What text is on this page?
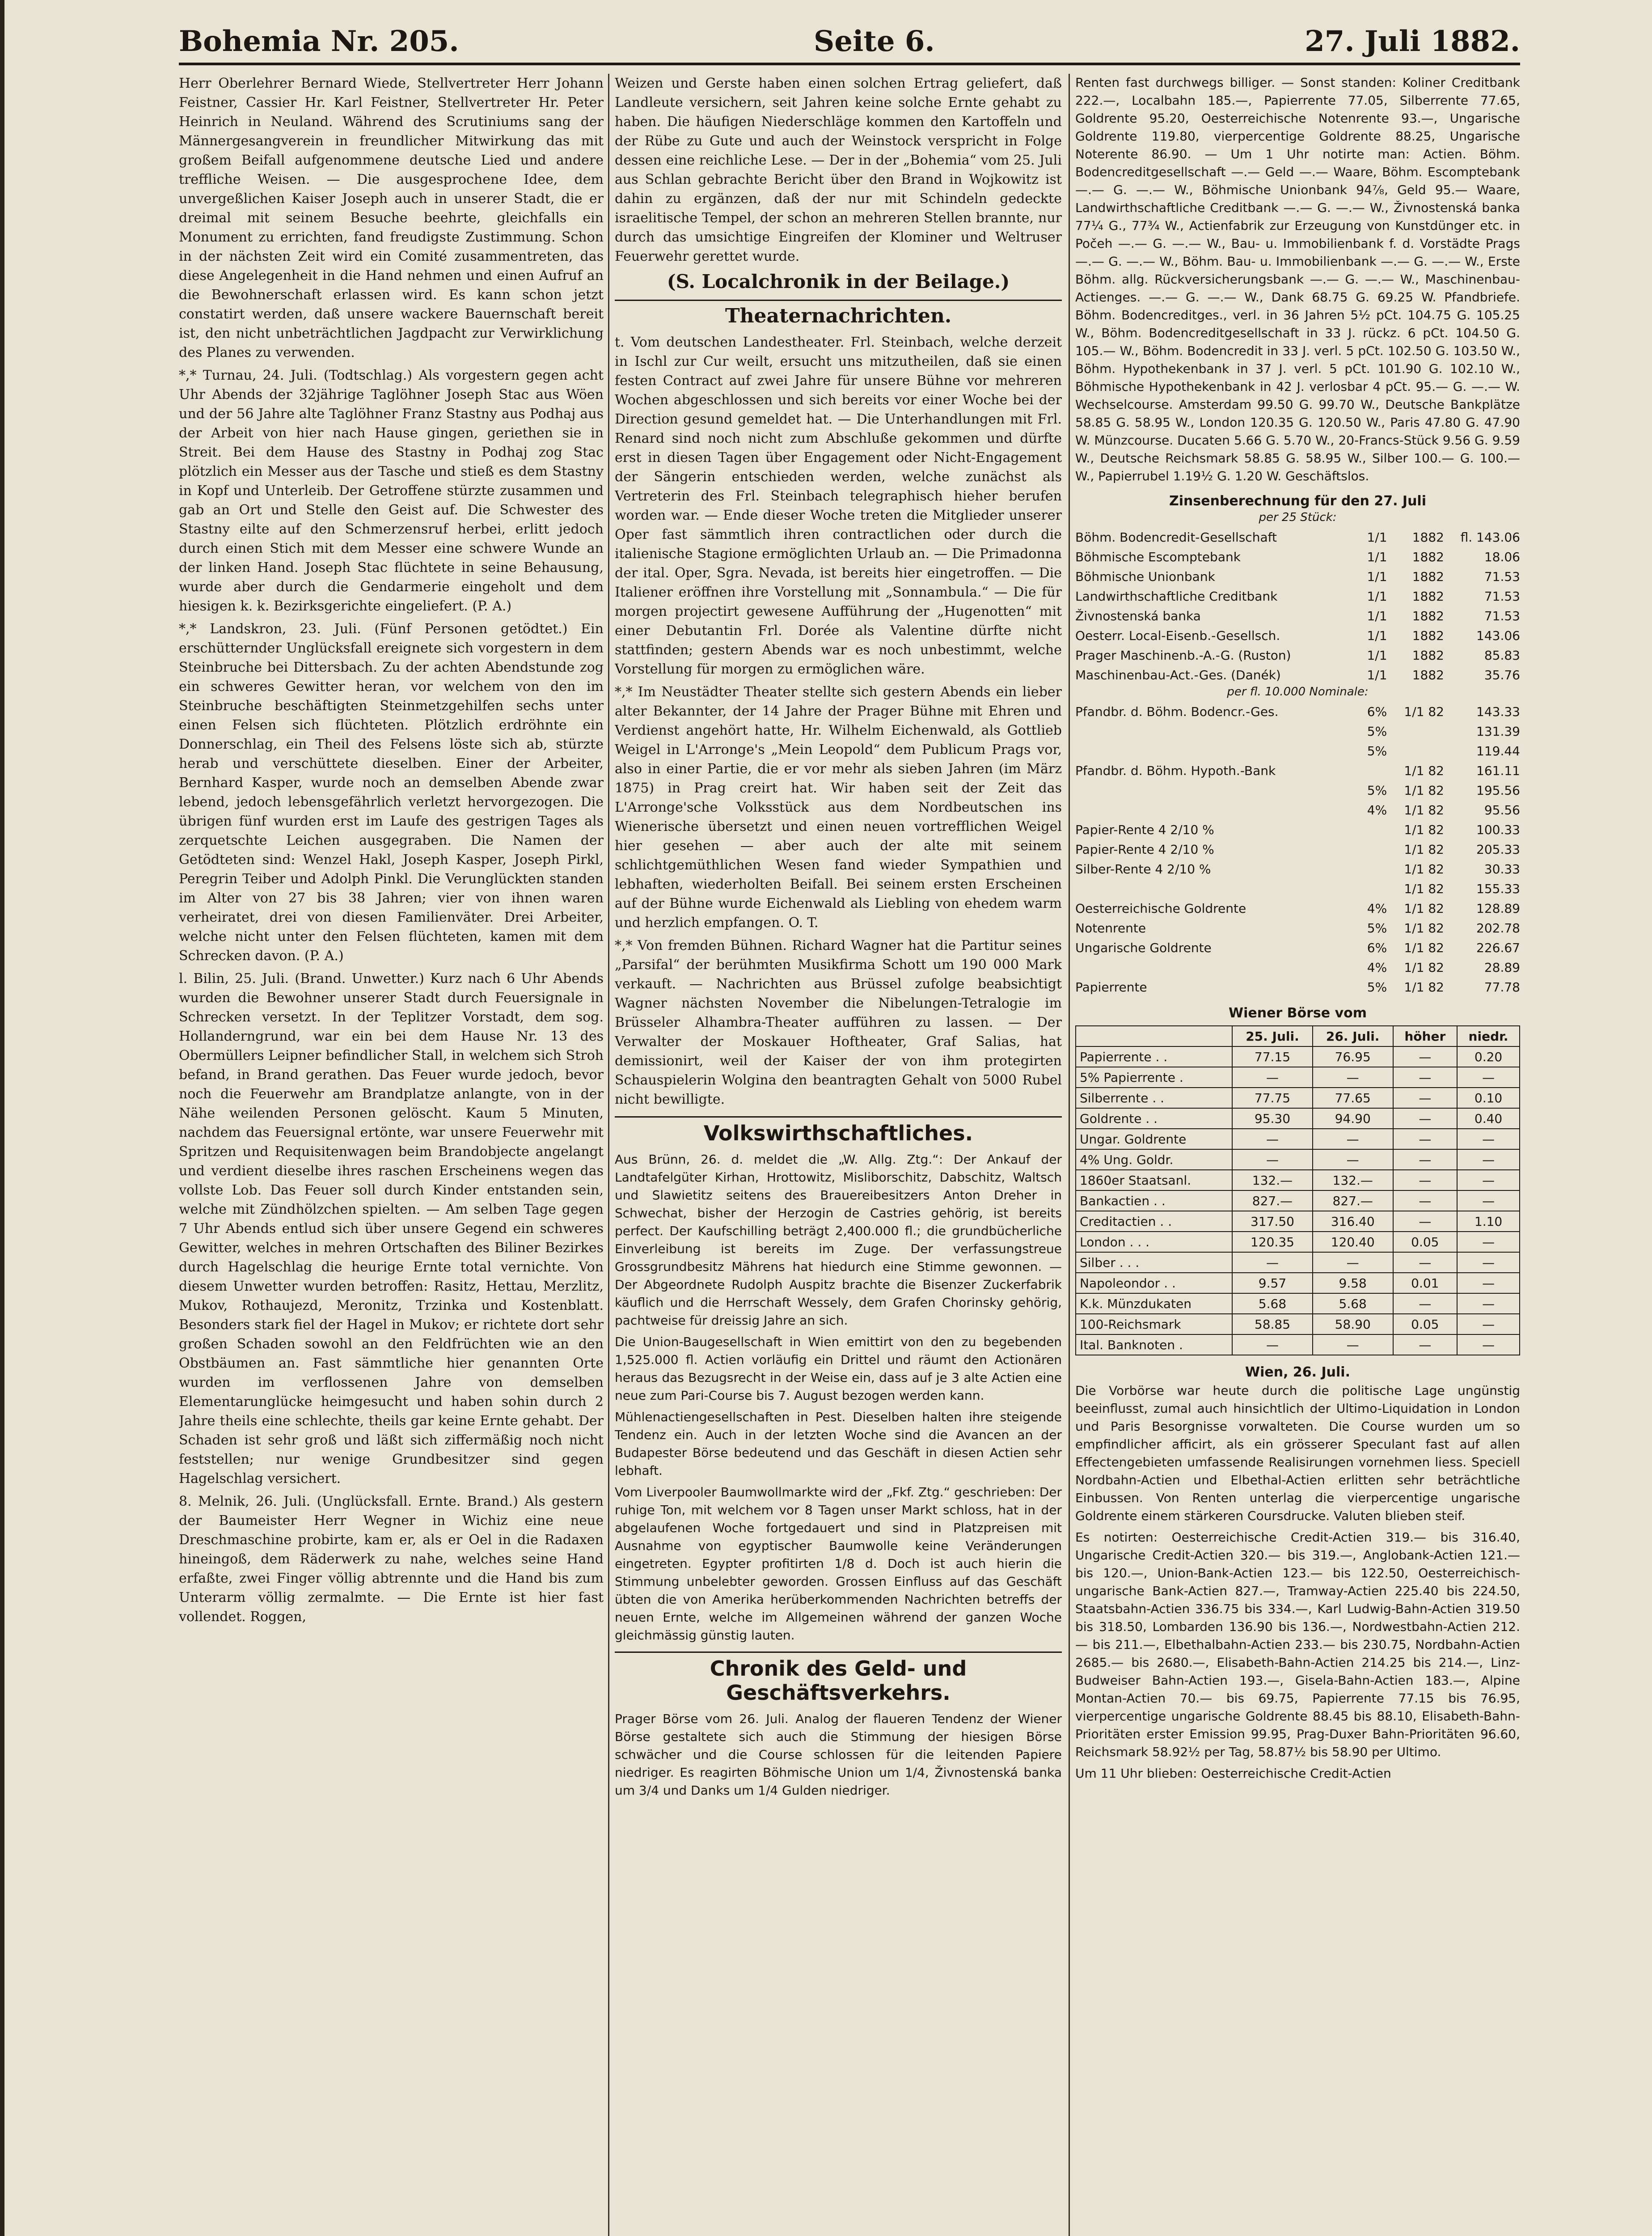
Bohemia Nr. 205.	Seite 6.	27. Juli 1882.

Herr Oberlehrer Bernard Wiede, Stellvertreter Herr Johann Feistner, Cassier Hr. Karl Feistner, Stellvertreter Hr. Peter Heinrich in Neuland. Während des Scrutiniums sang der Männergesangverein in freundlicher Mitwirkung das mit großem Beifall aufgenommene deutsche Lied und andere treffliche Weisen. — Die ausgesprochene Idee, dem unvergeßlichen Kaiser Joseph auch in unserer Stadt, die er dreimal mit seinem Besuche beehrte, gleichfalls ein Monument zu errichten, fand freudigste Zustimmung. Schon in der nächsten Zeit wird ein Comité zusammentreten, das diese Angelegenheit in die Hand nehmen und einen Aufruf an die Bewohnerschaft erlassen wird. Es kann schon jetzt constatirt werden, daß unsere wackere Bauernschaft bereit ist, den nicht unbeträchtlichen Jagdpacht zur Verwirklichung des Planes zu verwenden.

*,* Turnau, 24. Juli. (Todtschlag.) Als vorgestern gegen acht Uhr Abends der 32jährige Taglöhner Joseph Stac aus Wöen und der 56 Jahre alte Taglöhner Franz Stastny aus Podhaj aus der Arbeit von hier nach Hause gingen, geriethen sie in Streit. Bei dem Hause des Stastny in Podhaj zog Stac plötzlich ein Messer aus der Tasche und stieß es dem Stastny in Kopf und Unterleib. Der Getroffene stürzte zusammen und gab an Ort und Stelle den Geist auf. Die Schwester des Stastny eilte auf den Schmerzensruf herbei, erlitt jedoch durch einen Stich mit dem Messer eine schwere Wunde an der linken Hand. Joseph Stac flüchtete in seine Behausung, wurde aber durch die Gendarmerie eingeholt und dem hiesigen k. k. Bezirksgerichte eingeliefert. (P. A.)

*,* Landskron, 23. Juli. (Fünf Personen getödtet.) Ein erschütternder Unglücksfall ereignete sich vorgestern in dem Steinbruche bei Dittersbach. Zu der achten Abendstunde zog ein schweres Gewitter heran, vor welchem von den im Steinbruche beschäftigten Steinmetzgehilfen sechs unter einen Felsen sich flüchteten. Plötzlich erdröhnte ein Donnerschlag, ein Theil des Felsens löste sich ab, stürzte herab und verschüttete dieselben. Einer der Arbeiter, Bernhard Kasper, wurde noch an demselben Abende zwar lebend, jedoch lebensgefährlich verletzt hervorgezogen. Die übrigen fünf wurden erst im Laufe des gestrigen Tages als zerquetschte Leichen ausgegraben. Die Namen der Getödteten sind: Wenzel Hakl, Joseph Kasper, Joseph Pirkl, Peregrin Teiber und Adolph Pinkl. Die Verunglückten standen im Alter von 27 bis 38 Jahren; vier von ihnen waren verheiratet, drei von diesen Familienväter. Drei Arbeiter, welche nicht unter den Felsen flüchteten, kamen mit dem Schrecken davon. (P. A.)

l. Bilin, 25. Juli. (Brand. Unwetter.) Kurz nach 6 Uhr Abends wurden die Bewohner unserer Stadt durch Feuersignale in Schrecken versetzt. In der Teplitzer Vorstadt, dem sog. Hollanderngrund, war ein bei dem Hause Nr. 13 des Obermüllers Leipner befindlicher Stall, in welchem sich Stroh befand, in Brand gerathen. Das Feuer wurde jedoch, bevor noch die Feuerwehr am Brandplatze anlangte, von in der Nähe weilenden Personen gelöscht. Kaum 5 Minuten, nachdem das Feuersignal ertönte, war unsere Feuerwehr mit Spritzen und Requisitenwagen beim Brandobjecte angelangt und verdient dieselbe ihres raschen Erscheinens wegen das vollste Lob. Das Feuer soll durch Kinder entstanden sein, welche mit Zündhölzchen spielten. — Am selben Tage gegen 7 Uhr Abends entlud sich über unsere Gegend ein schweres Gewitter, welches in mehren Ortschaften des Biliner Bezirkes durch Hagelschlag die heurige Ernte total vernichte. Von diesem Unwetter wurden betroffen: Rasitz, Hettau, Merzlitz, Mukov, Rothaujezd, Meronitz, Trzinka und Kostenblatt. Besonders stark fiel der Hagel in Mukov; er richtete dort sehr großen Schaden sowohl an den Feldfrüchten wie an den Obstbäumen an. Fast sämmtliche hier genannten Orte wurden im verflossenen Jahre von demselben Elementarunglücke heimgesucht und haben sohin durch 2 Jahre theils eine schlechte, theils gar keine Ernte gehabt. Der Schaden ist sehr groß und läßt sich ziffermäßig noch nicht feststellen; nur wenige Grundbesitzer sind gegen Hagelschlag versichert.

8. Melnik, 26. Juli. (Unglücksfall. Ernte. Brand.) Als gestern der Baumeister Herr Wegner in Wichiz eine neue Dreschmaschine probirte, kam er, als er Oel in die Radaxen hineingoß, dem Räderwerk zu nahe, welches seine Hand erfaßte, zwei Finger völlig abtrennte und die Hand bis zum Unterarm völlig zermalmte. — Die Ernte ist hier fast vollendet. Roggen,

Weizen und Gerste haben einen solchen Ertrag geliefert, daß Landleute versichern, seit Jahren keine solche Ernte gehabt zu haben. Die häufigen Niederschläge kommen den Kartoffeln und der Rübe zu Gute und auch der Weinstock verspricht in Folge dessen eine reichliche Lese. — Der in der „Bohemia“ vom 25. Juli aus Schlan gebrachte Bericht über den Brand in Wojkowitz ist dahin zu ergänzen, daß der nur mit Schindeln gedeckte israelitische Tempel, der schon an mehreren Stellen brannte, nur durch das umsichtige Eingreifen der Klominer und Weltruser Feuerwehr gerettet wurde.

(S. Localchronik in der Beilage.)
Theaternachrichten.

t. Vom deutschen Landestheater. Frl. Steinbach, welche derzeit in Ischl zur Cur weilt, ersucht uns mitzutheilen, daß sie einen festen Contract auf zwei Jahre für unsere Bühne vor mehreren Wochen abgeschlossen und sich bereits vor einer Woche bei der Direction gesund gemeldet hat. — Die Unterhandlungen mit Frl. Renard sind noch nicht zum Abschluße gekommen und dürfte erst in diesen Tagen über Engagement oder Nicht-Engagement der Sängerin entschieden werden, welche zunächst als Vertreterin des Frl. Steinbach telegraphisch hieher berufen worden war. — Ende dieser Woche treten die Mitglieder unserer Oper fast sämmtlich ihren contractlichen oder durch die italienische Stagione ermöglichten Urlaub an. — Die Primadonna der ital. Oper, Sgra. Nevada, ist bereits hier eingetroffen. — Die Italiener eröffnen ihre Vorstellung mit „Sonnambula.“ — Die für morgen projectirt gewesene Aufführung der „Hugenotten“ mit einer Debutantin Frl. Dorée als Valentine dürfte nicht stattfinden; gestern Abends war es noch unbestimmt, welche Vorstellung für morgen zu ermöglichen wäre.

*,* Im Neustädter Theater stellte sich gestern Abends ein lieber alter Bekannter, der 14 Jahre der Prager Bühne mit Ehren und Verdienst angehört hatte, Hr. Wilhelm Eichenwald, als Gottlieb Weigel in L'Arronge's „Mein Leopold“ dem Publicum Prags vor, also in einer Partie, die er vor mehr als sieben Jahren (im März 1875) in Prag creirt hat. Wir haben seit der Zeit das L'Arronge'sche Volksstück aus dem Nordbeutschen ins Wienerische übersetzt und einen neuen vortrefflichen Weigel hier gesehen — aber auch der alte mit seinem schlichtgemüthlichen Wesen fand wieder Sympathien und lebhaften, wiederholten Beifall. Bei seinem ersten Erscheinen auf der Bühne wurde Eichenwald als Liebling von ehedem warm und herzlich empfangen. O. T.

*,* Von fremden Bühnen. Richard Wagner hat die Partitur seines „Parsifal“ der berühmten Musikfirma Schott um 190 000 Mark verkauft. — Nachrichten aus Brüssel zufolge beabsichtigt Wagner nächsten November die Nibelungen-Tetralogie im Brüsseler Alhambra-Theater aufführen zu lassen. — Der Verwalter der Moskauer Hoftheater, Graf Salias, hat demissionirt, weil der Kaiser der von ihm protegirten Schauspielerin Wolgina den beantragten Gehalt von 5000 Rubel nicht bewilligte.

Volkswirthschaftliches.

Aus Brünn, 26. d. meldet die „W. Allg. Ztg.“: Der Ankauf der Landtafelgüter Kirhan, Hrottowitz, Misliborschitz, Dabschitz, Waltsch und Slawietitz seitens des Brauereibesitzers Anton Dreher in Schwechat, bisher der Herzogin de Castries gehörig, ist bereits perfect. Der Kaufschilling beträgt 2,400.000 fl.; die grundbücherliche Einverleibung ist bereits im Zuge. Der verfassungstreue Grossgrundbesitz Mährens hat hiedurch eine Stimme gewonnen. — Der Abgeordnete Rudolph Auspitz brachte die Bisenzer Zuckerfabrik käuflich und die Herrschaft Wessely, dem Grafen Chorinsky gehörig, pachtweise für dreissig Jahre an sich.

Die Union-Baugesellschaft in Wien emittirt von den zu begebenden 1,525.000 fl. Actien vorläufig ein Drittel und räumt den Actionären heraus das Bezugsrecht in der Weise ein, dass auf je 3 alte Actien eine neue zum Pari-Course bis 7. August bezogen werden kann.

Mühlenactiengesellschaften in Pest. Dieselben halten ihre steigende Tendenz ein. Auch in der letzten Woche sind die Avancen an der Budapester Börse bedeutend und das Geschäft in diesen Actien sehr lebhaft.

Vom Liverpooler Baumwollmarkte wird der „Fkf. Ztg.“ geschrieben: Der ruhige Ton, mit welchem vor 8 Tagen unser Markt schloss, hat in der abgelaufenen Woche fortgedauert und sind in Platzpreisen mit Ausnahme von egyptischer Baumwolle keine Veränderungen eingetreten. Egypter profitirten 1/8 d. Doch ist auch hierin die Stimmung unbelebter geworden. Grossen Einfluss auf das Geschäft übten die von Amerika herüberkommenden Nachrichten betreffs der neuen Ernte, welche im Allgemeinen während der ganzen Woche gleichmässig günstig lauten.

Chronik des Geld- und Geschäftsverkehrs.

Prager Börse vom 26. Juli. Analog der flaueren Tendenz der Wiener Börse gestaltete sich auch die Stimmung der hiesigen Börse schwächer und die Course schlossen für die leitenden Papiere niedriger. Es reagirten Böhmische Union um 1/4, Živnostenská banka um 3/4 und Danks um 1/4 Gulden niedriger.

Renten fast durchwegs billiger. — Sonst standen: Koliner Creditbank 222.—, Localbahn 185.—, Papierrente 77.05, Silberrente 77.65, Goldrente 95.20, Oesterreichische Notenrente 93.—, Ungarische Goldrente 119.80, vierpercentige Goldrente 88.25, Ungarische Noterente 86.90. — Um 1 Uhr notirte man: Actien. Böhm. Bodencreditgesellschaft —.— Geld —.— Waare, Böhm. Escomptebank —.— G. —.— W., Böhmische Unionbank 94⅞, Geld 95.— Waare, Landwirthschaftliche Creditbank —.— G. —.— W., Živnostenská banka 77¼ G., 77¾ W., Actienfabrik zur Erzeugung von Kunstdünger etc. in Počeh —.— G. —.— W., Bau- u. Immobilienbank f. d. Vorstädte Prags —.— G. —.— W., Böhm. Bau- u. Immobilienbank —.— G. —.— W., Erste Böhm. allg. Rückversicherungsbank —.— G. —.— W., Maschinenbau-Actienges. —.— G. —.— W., Dank 68.75 G. 69.25 W. Pfandbriefe. Böhm. Bodencreditges., verl. in 36 Jahren 5½ pCt. 104.75 G. 105.25 W., Böhm. Bodencreditgesellschaft in 33 J. rückz. 6 pCt. 104.50 G. 105.— W., Böhm. Bodencredit in 33 J. verl. 5 pCt. 102.50 G. 103.50 W., Böhm. Hypothekenbank in 37 J. verl. 5 pCt. 101.90 G. 102.10 W., Böhmische Hypothekenbank in 42 J. verlosbar 4 pCt. 95.— G. —.— W. Wechselcourse. Amsterdam 99.50 G. 99.70 W., Deutsche Bankplätze 58.85 G. 58.95 W., London 120.35 G. 120.50 W., Paris 47.80 G. 47.90 W. Münzcourse. Ducaten 5.66 G. 5.70 W., 20-Francs-Stück 9.56 G. 9.59 W., Deutsche Reichsmark 58.85 G. 58.95 W., Silber 100.— G. 100.— W., Papierrubel 1.19½ G. 1.20 W. Geschäftslos.

Zinsenberechnung für den 27. Juli
per 25 Stück:
Böhm. Bodencredit-Gesellschaft	1/1	1882	fl. 143.06
Böhmische Escomptebank	1/1	1882	18.06
Böhmische Unionbank	1/1	1882	71.53
Landwirthschaftliche Creditbank	1/1	1882	71.53
Živnostenská banka	1/1	1882	71.53
Oesterr. Local-Eisenb.-Gesellsch.	1/1	1882	143.06
Prager Maschinenb.-A.-G. (Ruston)	1/1	1882	85.83
Maschinenbau-Act.-Ges. (Danék)	1/1	1882	35.76
per fl. 10.000 Nominale:
Pfandbr. d. Böhm. Bodencr.-Ges.	6%	1/1 82	143.33
5%	131.39
5%	119.44
Pfandbr. d. Böhm. Hypoth.-Bank	1/1 82	161.11
5%	1/1 82	195.56
4%	1/1 82	95.56
Papier-Rente 4 2/10 %	1/1 82	100.33
Papier-Rente 4 2/10 %	1/1 82	205.33
Silber-Rente 4 2/10 %	1/1 82	30.33
1/1 82	155.33
Oesterreichische Goldrente	4%	1/1 82	128.89
Notenrente	5%	1/1 82	202.78
Ungarische Goldrente	6%	1/1 82	226.67
4%	1/1 82	28.89
Papierrente	5%	1/1 82	77.78
Wiener Börse vom
	25. Juli.	26. Juli.	höher	niedr.
Papierrente . .	77.15	76.95	—	0.20
5% Papierrente .	—	—	—	—
Silberrente . .	77.75	77.65	—	0.10
Goldrente . .	95.30	94.90	—	0.40
Ungar. Goldrente	—	—	—	—
4% Ung. Goldr.	—	—	—	—
1860er Staatsanl.	132.—	132.—	—	—
Bankactien . .	827.—	827.—	—	—
Creditactien . .	317.50	316.40	—	1.10
London . . .	120.35	120.40	0.05	—
Silber . . .	—	—	—	—
Napoleondor . .	9.57	9.58	0.01	—
K.k. Münzdukaten	5.68	5.68	—	—
100-Reichsmark	58.85	58.90	0.05	—
Ital. Banknoten .	—	—	—	—
Wien, 26. Juli.

Die Vorbörse war heute durch die politische Lage ungünstig beeinflusst, zumal auch hinsichtlich der Ultimo-Liquidation in London und Paris Besorgnisse vorwalteten. Die Course wurden um so empfindlicher afficirt, als ein grösserer Speculant fast auf allen Effectengebieten umfassende Realisirungen vornehmen liess. Speciell Nordbahn-Actien und Elbethal-Actien erlitten sehr beträchtliche Einbussen. Von Renten unterlag die vierpercentige ungarische Goldrente einem stärkeren Coursdrucke. Valuten blieben steif.

Es notirten: Oesterreichische Credit-Actien 319.— bis 316.40, Ungarische Credit-Actien 320.— bis 319.—, Anglobank-Actien 121.— bis 120.—, Union-Bank-Actien 123.— bis 122.50, Oesterreichisch-ungarische Bank-Actien 827.—, Tramway-Actien 225.40 bis 224.50, Staatsbahn-Actien 336.75 bis 334.—, Karl Ludwig-Bahn-Actien 319.50 bis 318.50, Lombarden 136.90 bis 136.—, Nordwestbahn-Actien 212.— bis 211.—, Elbethalbahn-Actien 233.— bis 230.75, Nordbahn-Actien 2685.— bis 2680.—, Elisabeth-Bahn-Actien 214.25 bis 214.—, Linz-Budweiser Bahn-Actien 193.—, Gisela-Bahn-Actien 183.—, Alpine Montan-Actien 70.— bis 69.75, Papierrente 77.15 bis 76.95, vierpercentige ungarische Goldrente 88.45 bis 88.10, Elisabeth-Bahn-Prioritäten erster Emission 99.95, Prag-Duxer Bahn-Prioritäten 96.60, Reichsmark 58.92½ per Tag, 58.87½ bis 58.90 per Ultimo.

Um 11 Uhr blieben: Oesterreichische Credit-Actien
